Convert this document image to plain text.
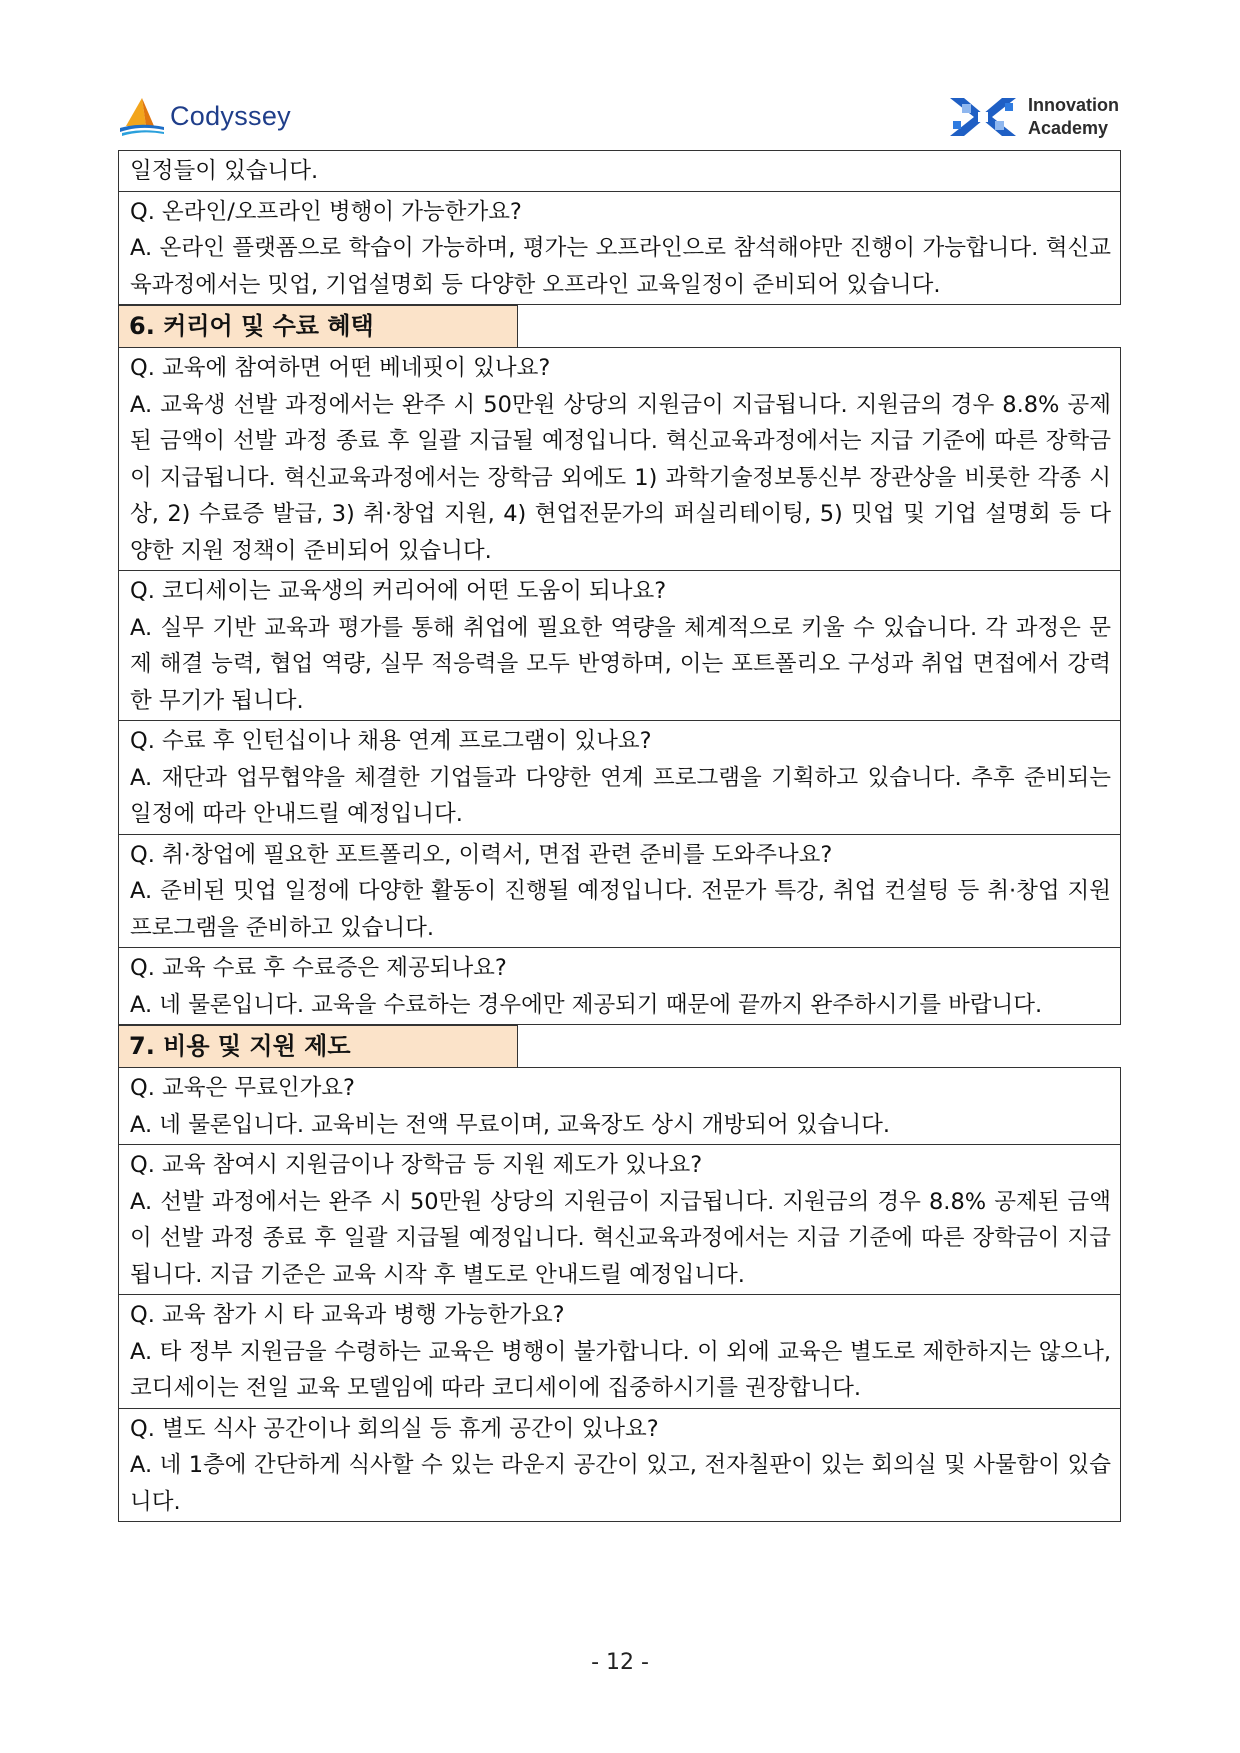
Codyssey	Innovation
Academy

일정들이 있습니다.

Q. 온라인/오프라인 병행이 가능한가요?

A. 온라인 플랫폼으로 학습이 가능하며, 평가는 오프라인으로 참석해야만 진행이 가능합니다. 혁신교육과정에서는 밋업, 기업설명회 등 다양한 오프라인 교육일정이 준비되어 있습니다.

6. 커리어 및 수료 혜택

Q. 교육에 참여하면 어떤 베네핏이 있나요?

A. 교육생 선발 과정에서는 완주 시 50만원 상당의 지원금이 지급됩니다. 지원금의 경우 8.8% 공제된 금액이 선발 과정 종료 후 일괄 지급될 예정입니다. 혁신교육과정에서는 지급 기준에 따른 장학금이 지급됩니다. 혁신교육과정에서는 장학금 외에도 1) 과학기술정보통신부 장관상을 비롯한 각종 시상, 2) 수료증 발급, 3) 취·창업 지원, 4) 현업전문가의 퍼실리테이팅, 5) 밋업 및 기업 설명회 등 다양한 지원 정책이 준비되어 있습니다.

Q. 코디세이는 교육생의 커리어에 어떤 도움이 되나요?

A. 실무 기반 교육과 평가를 통해 취업에 필요한 역량을 체계적으로 키울 수 있습니다. 각 과정은 문제 해결 능력, 협업 역량, 실무 적응력을 모두 반영하며, 이는 포트폴리오 구성과 취업 면접에서 강력한 무기가 됩니다.

Q. 수료 후 인턴십이나 채용 연계 프로그램이 있나요?

A. 재단과 업무협약을 체결한 기업들과 다양한 연계 프로그램을 기획하고 있습니다. 추후 준비되는 일정에 따라 안내드릴 예정입니다.

Q. 취·창업에 필요한 포트폴리오, 이력서, 면접 관련 준비를 도와주나요?

A. 준비된 밋업 일정에 다양한 활동이 진행될 예정입니다. 전문가 특강, 취업 컨설팅 등 취·창업 지원 프로그램을 준비하고 있습니다.

Q. 교육 수료 후 수료증은 제공되나요?

A. 네 물론입니다. 교육을 수료하는 경우에만 제공되기 때문에 끝까지 완주하시기를 바랍니다.

7. 비용 및 지원 제도

Q. 교육은 무료인가요?

A. 네 물론입니다. 교육비는 전액 무료이며, 교육장도 상시 개방되어 있습니다.

Q. 교육 참여시 지원금이나 장학금 등 지원 제도가 있나요?

A. 선발 과정에서는 완주 시 50만원 상당의 지원금이 지급됩니다. 지원금의 경우 8.8% 공제된 금액이 선발 과정 종료 후 일괄 지급될 예정입니다. 혁신교육과정에서는 지급 기준에 따른 장학금이 지급됩니다. 지급 기준은 교육 시작 후 별도로 안내드릴 예정입니다.

Q. 교육 참가 시 타 교육과 병행 가능한가요?

A. 타 정부 지원금을 수령하는 교육은 병행이 불가합니다. 이 외에 교육은 별도로 제한하지는 않으나, 코디세이는 전일 교육 모델임에 따라 코디세이에 집중하시기를 권장합니다.

Q. 별도 식사 공간이나 회의실 등 휴게 공간이 있나요?

A. 네 1층에 간단하게 식사할 수 있는 라운지 공간이 있고, 전자칠판이 있는 회의실 및 사물함이 있습니다.

- 12 -
